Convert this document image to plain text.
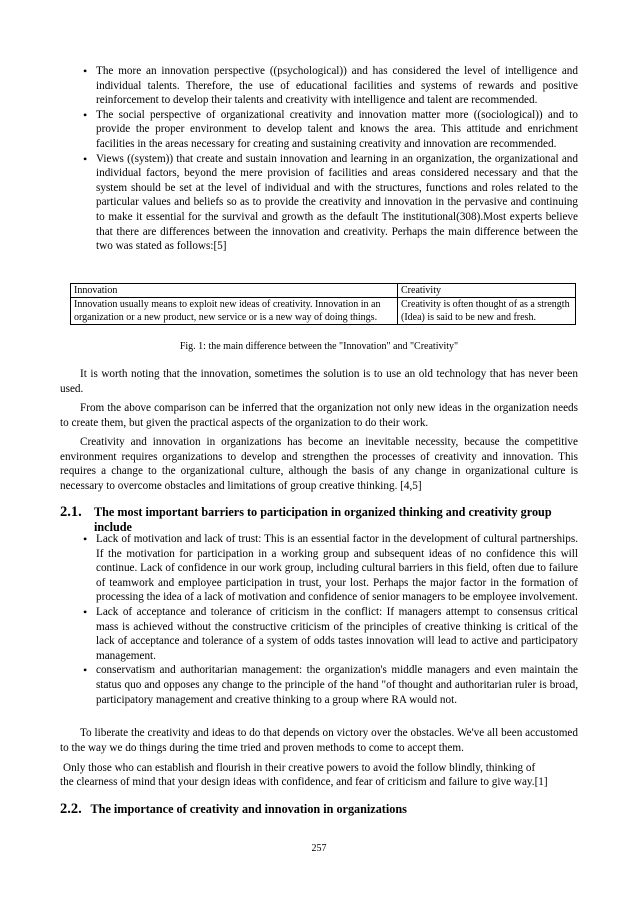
• The more an innovation perspective ((psychological)) and has considered the level of intelligence and individual talents. Therefore, the use of educational facilities and systems of rewards and positive reinforcement to develop their talents and creativity with intelligence and talent are recommended.
• The social perspective of organizational creativity and innovation matter more ((sociological)) and to provide the proper environment to develop talent and knows the area. This attitude and enrichment facilities in the areas necessary for creating and sustaining creativity and innovation are recommended.
• Views ((system)) that create and sustain innovation and learning in an organization, the organizational and individual factors, beyond the mere provision of facilities and areas considered necessary and that the system should be set at the level of individual and with the structures, functions and roles related to the particular values and beliefs so as to provide the creativity and innovation in the pervasive and continuing to make it essential for the survival and growth as the default The institutional(308).Most experts believe that there are differences between the innovation and creativity. Perhaps the main difference between the two was stated as follows:[5]
Innovation	Creativity
Innovation usually means to exploit new ideas of creativity. Innovation in an organization or a new product, new service or is a new way of doing things.	Creativity is often thought of as a strength
(Idea) is said to be new and fresh.
Fig. 1: the main difference between the "Innovation" and "Creativity"

It is worth noting that the innovation, sometimes the solution is to use an old technology that has never been used.

From the above comparison can be inferred that the organization not only new ideas in the organization needs to create them, but given the practical aspects of the organization to do their work.

Creativity and innovation in organizations has become an inevitable necessity, because the competitive environment requires organizations to develop and strengthen the processes of creativity and innovation. This requires a change to the organizational culture, although the basis of any change in organizational culture is necessary to overcome obstacles and limitations of group creative thinking. [4,5]

2.1.	The most important barriers to participation in organized thinking and creativity group include
• Lack of motivation and lack of trust: This is an essential factor in the development of cultural partnerships. If the motivation for participation in a working group and subsequent ideas of no confidence this will continue. Lack of confidence in our work group, including cultural barriers in this field, often due to failure of teamwork and employee participation in trust, your lost. Perhaps the major factor in the formation of processing the idea of a lack of motivation and confidence of senior managers to be employee involvement.
• Lack of acceptance and tolerance of criticism in the conflict: If managers attempt to consensus critical mass is achieved without the constructive criticism of the principles of creative thinking is critical of the lack of acceptance and tolerance of a system of odds tastes innovation will lead to active and participatory management.
• conservatism and authoritarian management: the organization's middle managers and even maintain the status quo and opposes any change to the principle of the hand "of thought and authoritarian ruler is broad, participatory management and creative thinking to a group where RA would not.

To liberate the creativity and ideas to do that depends on victory over the obstacles. We've all been accustomed to the way we do things during the time tried and proven methods to come to accept them.

Only those who can establish and flourish in their creative powers to avoid the follow blindly, thinking of

the clearness of mind that your design ideas with confidence, and fear of criticism and failure to give way.[1]

2.2. The importance of creativity and innovation in organizations
257
